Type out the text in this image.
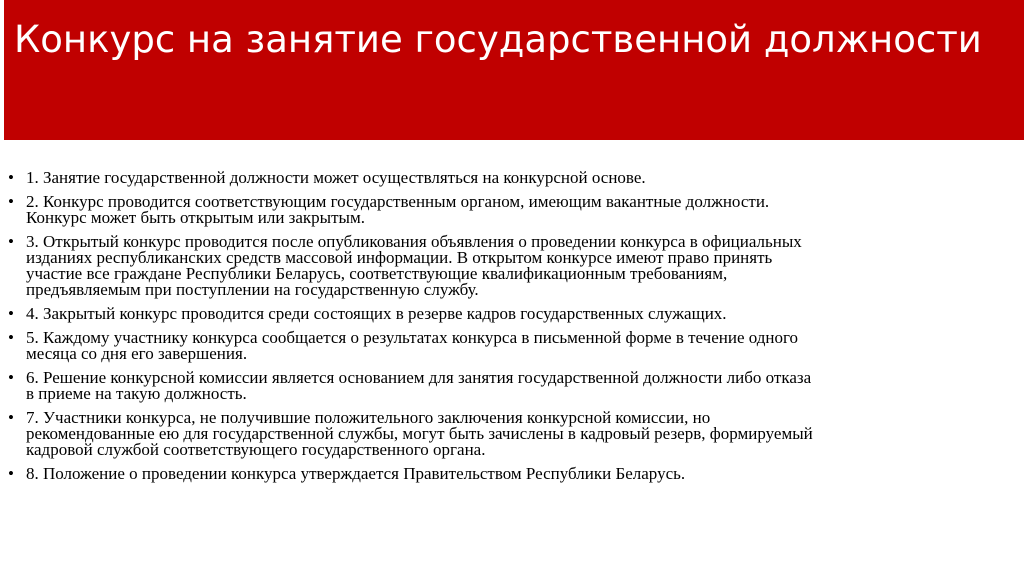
Конкурс на занятие государственной должности
• 1. Занятие государственной должности может осуществляться на конкурсной основе.
• 2. Конкурс проводится соответствующим государственным органом, имеющим вакантные должности.
Конкурс может быть открытым или закрытым.
• 3. Открытый конкурс проводится после опубликования объявления о проведении конкурса в официальных
изданиях республиканских средств массовой информации. В открытом конкурсе имеют право принять
участие все граждане Республики Беларусь, соответствующие квалификационным требованиям,
предъявляемым при поступлении на государственную службу.
• 4. Закрытый конкурс проводится среди состоящих в резерве кадров государственных служащих.
• 5. Каждому участнику конкурса сообщается о результатах конкурса в письменной форме в течение одного
месяца со дня его завершения.
• 6. Решение конкурсной комиссии является основанием для занятия государственной должности либо отказа
в приеме на такую должность.
• 7. Участники конкурса, не получившие положительного заключения конкурсной комиссии, но
рекомендованные ею для государственной службы, могут быть зачислены в кадровый резерв, формируемый
кадровой службой соответствующего государственного органа.
• 8. Положение о проведении конкурса утверждается Правительством Республики Беларусь.
